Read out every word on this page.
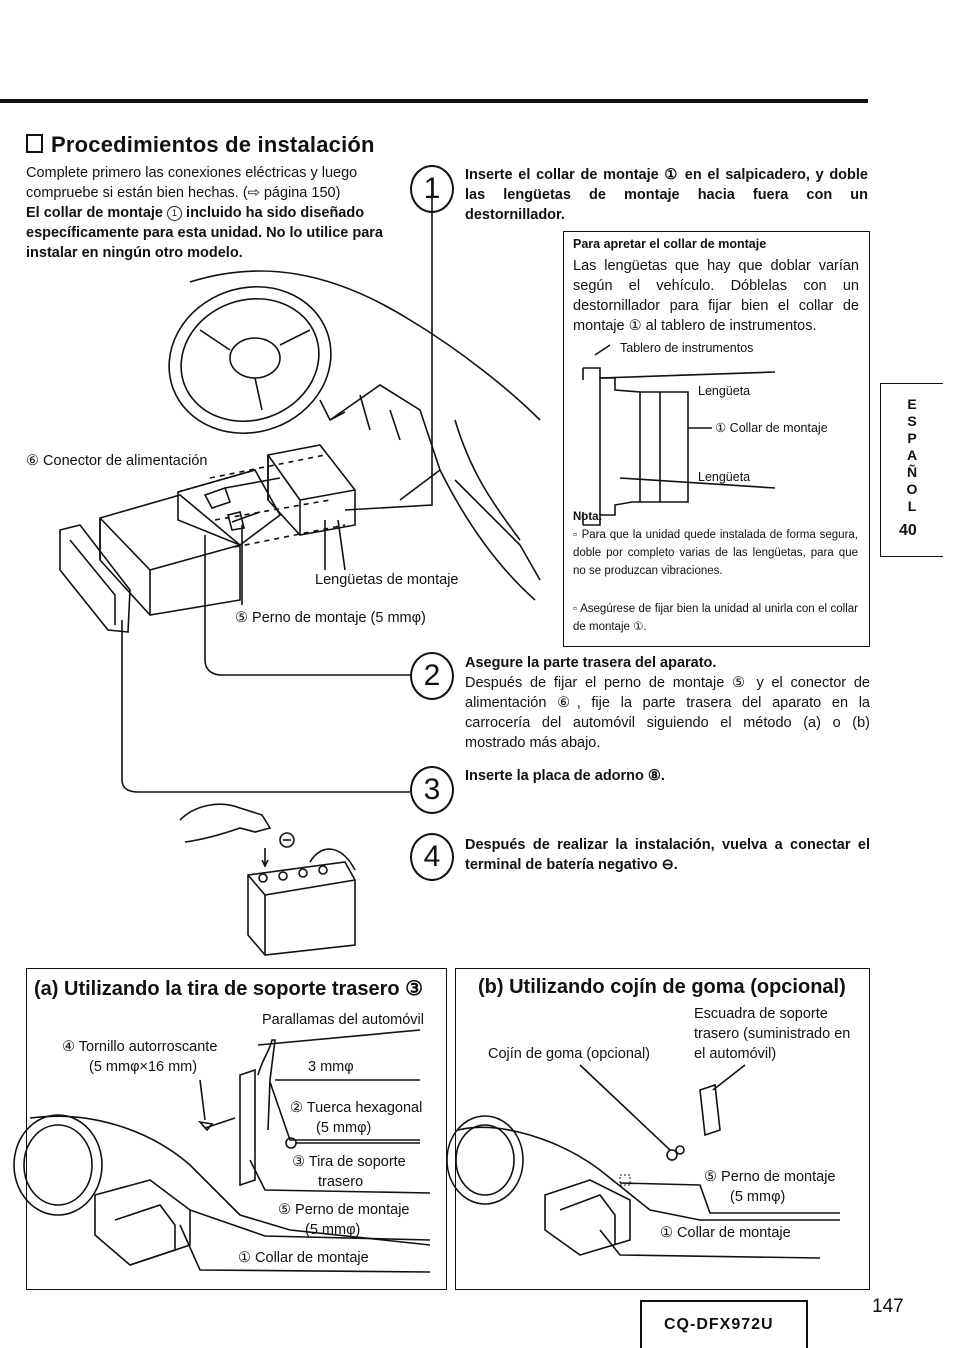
Procedimientos de instalación
Complete primero las conexiones eléctricas y luego compruebe si están bien hechas. (⇨ página 150)
El collar de montaje 1 incluido ha sido diseñado específicamente para esta unidad. No lo utilice para instalar en ningún otro modelo.
1	Inserte el collar de montaje ① en el salpicadero, y doble las lengüetas de montaje hacia fuera con un destornillador.
Para apretar el collar de montaje
Las lengüetas que hay que doblar varían según el vehículo. Dóblelas con un destornillador para fijar bien el collar de montaje ① al tablero de instrumentos.
Tablero de instrumentos
Lengüeta
① Collar de montaje
Lengüeta
Nota:
▫ Para que la unidad quede instalada de forma segura, doble por completo varias de las lengüetas, para que no se produzcan vibraciones.
▫ Asegúrese de fijar bien la unidad al unirla con el collar de montaje ①.
⑥ Conector de alimentación
Lengüetas de montaje
⑤ Perno de montaje (5 mmφ)
2	Asegure la parte trasera del aparato.
Después de fijar el perno de montaje ⑤ y el conector de alimentación ⑥, fije la parte trasera del aparato en la carrocería del automóvil siguiendo el método (a) o (b) mostrado más abajo.
3	Inserte la placa de adorno ⑧.
4	Después de realizar la instalación, vuelva a conectar el terminal de batería negativo ⊖.
E
S
P
A
Ñ
O
L
40
(a) Utilizando la tira de soporte trasero ③
Parallamas del automóvil
④ Tornillo autorroscante
(5 mmφ×16 mm)	3 mmφ
② Tuerca hexagonal
(5 mmφ)
③ Tira de soporte
trasero
⑤ Perno de montaje
(5 mmφ)
① Collar de montaje
(b) Utilizando cojín de goma (opcional)
Escuadra de soporte
trasero (suministrado en
el automóvil)
Cojín de goma (opcional)
⑤ Perno de montaje
(5 mmφ)
① Collar de montaje
CQ-DFX972U
147
